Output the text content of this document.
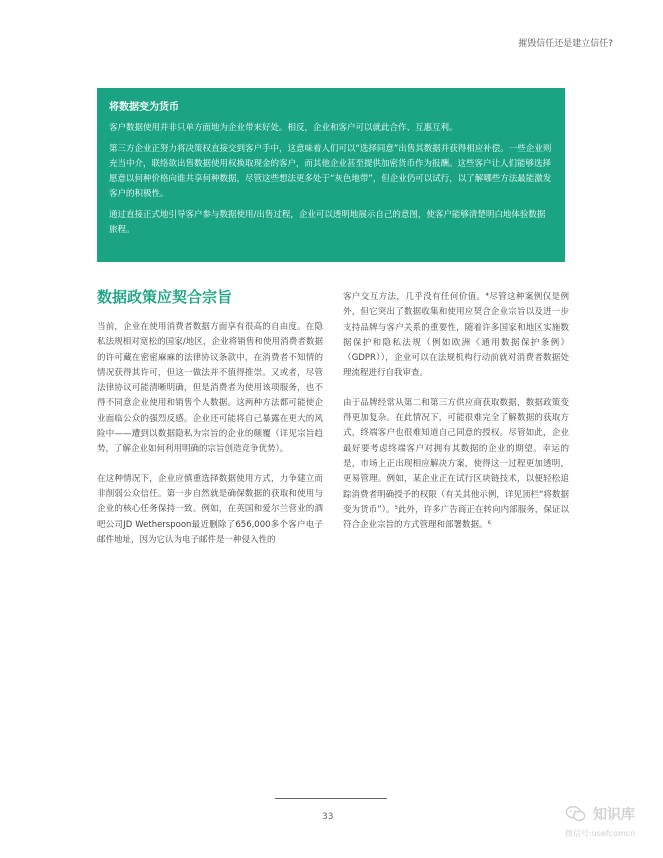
摧毁信任还是建立信任?
将数据变为货币

客户数据使用并非只单方面地为企业带来好处。相反，企业和客户可以就此合作、互惠互利。

第三方企业正努力将决策权直接交到客户手中，这意味着人们可以“选择同意”出售其数据并获得相应补偿。一些企业则充当中介，联络欲出售数据使用权换取现金的客户，而其他企业甚至提供加密货币作为报酬。这些客户让人们能够选择愿意以何种价格向谁共享何种数据，尽管这些想法更多处于“灰色地带”，但企业仍可以试行，以了解哪些方法最能激发客户的积极性。

通过直接正式地引导客户参与数据使用/出售过程，企业可以透明地展示自己的意图，使客户能够清楚明白地体验数据旅程。

数据政策应契合宗旨

当前，企业在使用消费者数据方面享有很高的自由度。在隐私法规相对宽松的国家/地区，企业将销售和使用消费者数据的许可藏在密密麻麻的法律协议条款中，在消费者不知情的情况获得其许可，但这一做法并不值得推崇。又或者，尽管法律协议可能清晰明确，但是消费者为使用该项服务，也不得不同意企业使用和销售个人数据。这两种方法都可能使企业面临公众的强烈反感。企业还可能将自己暴露在更大的风险中——遭到以数据隐私为宗旨的企业的颠覆（详见宗旨趋势，了解企业如何利用明确的宗旨创造竞争优势）。

在这种情况下，企业应慎重选择数据使用方式，力争建立而非削弱公众信任。第一步自然就是确保数据的获取和使用与企业的核心任务保持一致。例如，在英国和爱尔兰营业的酒吧公司JD Wetherspoon最近删除了656,000多个客户电子邮件地址，因为它认为电子邮件是一种侵入性的

客户交互方法，几乎没有任何价值。⁴尽管这种案例仅是例外，但它突出了数据收集和使用应契合企业宗旨以及进一步支持品牌与客户关系的重要性，随着许多国家和地区实施数据保护和隐私法规（例如欧洲《通用数据保护条例》（GDPR）），企业可以在法规机构行动前就对消费者数据处理流程进行自我审查。

由于品牌经常从第二和第三方供应商获取数据，数据政策变得更加复杂。在此情况下，可能很难完全了解数据的获取方式，终端客户也很难知道自己同意的授权。尽管如此，企业最好要考虑终端客户对拥有其数据的企业的期望。幸运的是，市场上正出现相应解决方案，使得这一过程更加透明，更易管理。例如，某企业正在试行区块链技术，以便轻松追踪消费者明确授予的权限（有关其他示例，详见顶栏“将数据变为货币”）。⁵此外，许多广告商正在转向内部服务，保证以符合企业宗旨的方式管理和部署数据。⁶

33	知识库
微信号:usefcomcn
